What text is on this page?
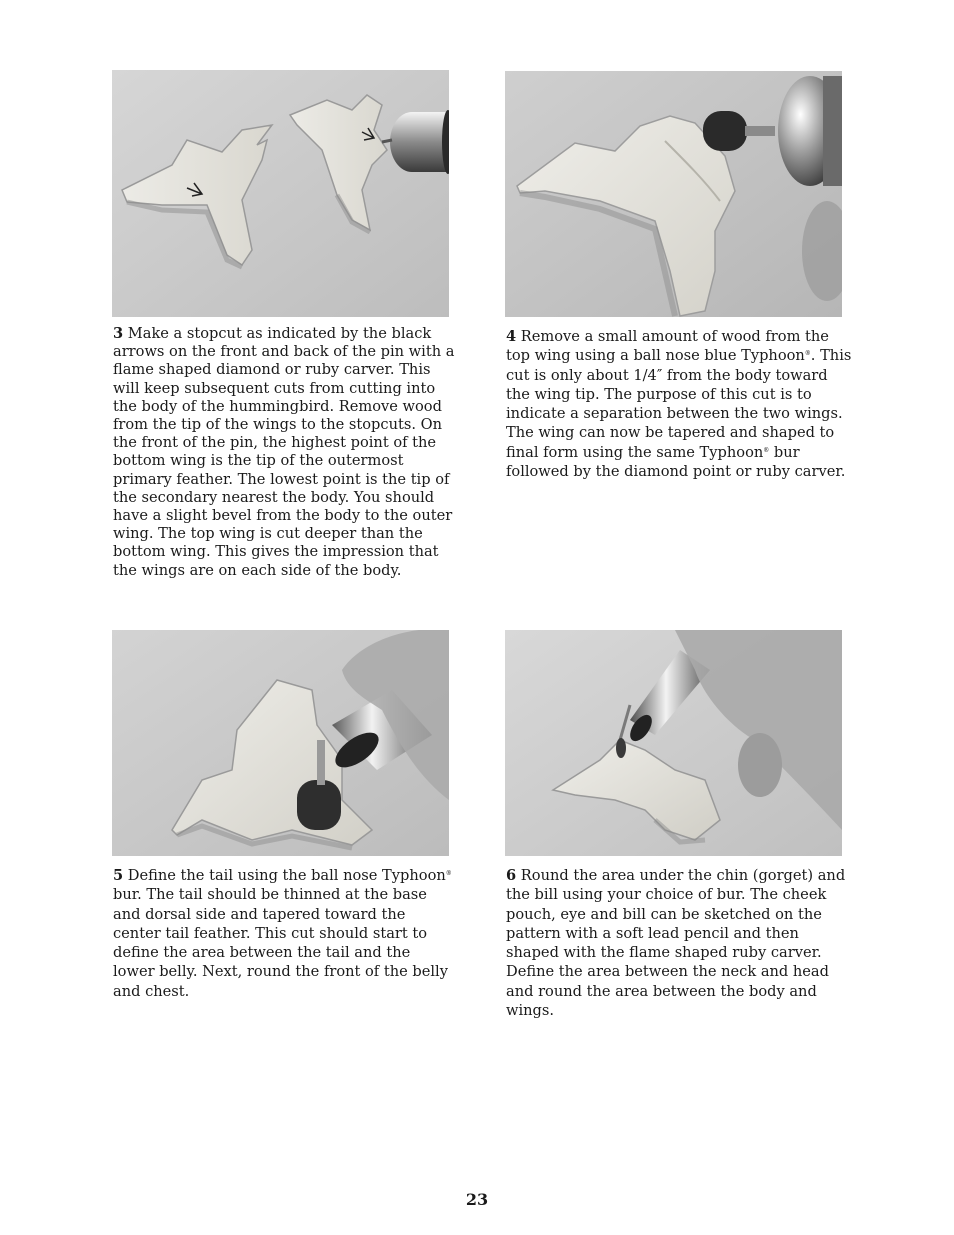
3 Make a stopcut as indicated by the black arrows on the front and back of the pin with a flame shaped diamond or ruby carver. This will keep subsequent cuts from cutting into the body of the hummingbird. Remove wood from the tip of the wings to the stopcuts. On the front of the pin, the highest point of the bottom wing is the tip of the outermost primary feather. The lowest point is the tip of the secondary nearest the body. You should have a slight bevel from the body to the outer wing. The top wing is cut deeper than the bottom wing. This gives the impression that the wings are on each side of the body.

4 Remove a small amount of wood from the top wing using a ball nose blue Typhoon®. This cut is only about 1/4″ from the body toward the wing tip. The purpose of this cut is to indicate a separation between the two wings. The wing can now be tapered and shaped to final form using the same Typhoon® bur followed by the diamond point or ruby carver.

5 Define the tail using the ball nose Typhoon® bur. The tail should be thinned at the base and dorsal side and tapered toward the center tail feather. This cut should start to define the area between the tail and the lower belly. Next, round the front of the belly and chest.

6 Round the area under the chin (gorget) and the bill using your choice of bur. The cheek pouch, eye and bill can be sketched on the pattern with a soft lead pencil and then shaped with the flame shaped ruby carver. Define the area between the neck and head and round the area between the body and wings.

23
